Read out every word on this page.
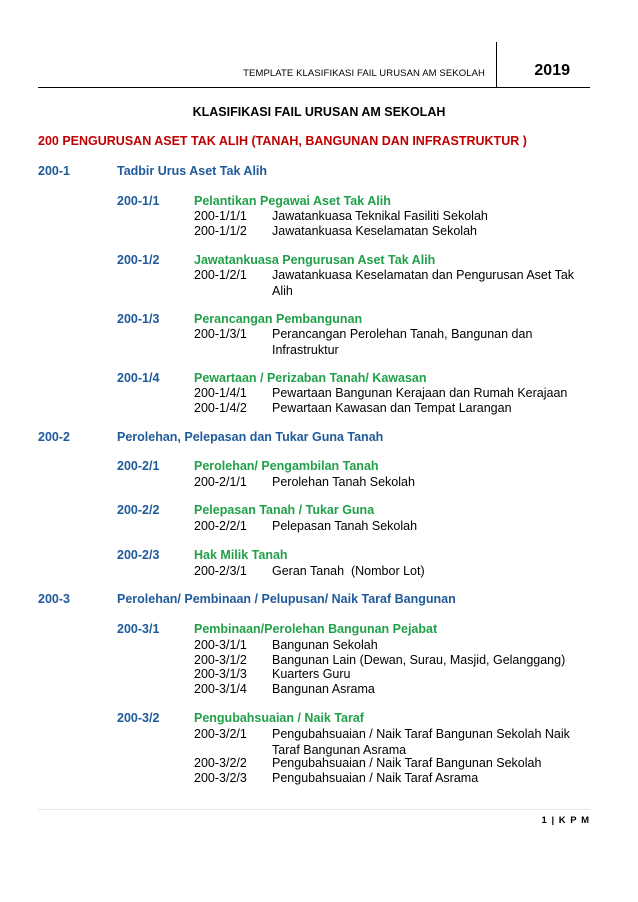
TEMPLATE KLASIFIKASI FAIL URUSAN AM SEKOLAH	2019
KLASIFIKASI FAIL URUSAN AM SEKOLAH
200 PENGURUSAN ASET TAK ALIH (TANAH, BANGUNAN DAN INFRASTRUKTUR )
200-1	Tadbir Urus Aset Tak Alih
200-1/1	Pelantikan Pegawai Aset Tak Alih
200-1/1/1 Jawatankuasa Teknikal Fasiliti Sekolah
200-1/1/2 Jawatankuasa Keselamatan Sekolah
200-1/2	Jawatankuasa Pengurusan Aset Tak Alih
200-1/2/1 Jawatankuasa Keselamatan dan Pengurusan Aset Tak Alih
200-1/3	Perancangan Pembangunan
200-1/3/1 Perancangan Perolehan Tanah, Bangunan dan Infrastruktur
200-1/4	Pewartaan / Perizaban Tanah/ Kawasan
200-1/4/1 Pewartaan Bangunan Kerajaan dan Rumah Kerajaan
200-1/4/2 Pewartaan Kawasan dan Tempat Larangan
200-2	Perolehan, Pelepasan dan Tukar Guna Tanah
200-2/1	Perolehan/ Pengambilan Tanah
200-2/1/1 Perolehan Tanah Sekolah
200-2/2	Pelepasan Tanah / Tukar Guna
200-2/2/1 Pelepasan Tanah Sekolah
200-2/3	Hak Milik Tanah
200-2/3/1 Geran Tanah  (Nombor Lot)
200-3	Perolehan/ Pembinaan / Pelupusan/ Naik Taraf Bangunan
200-3/1	Pembinaan/Perolehan Bangunan Pejabat
200-3/1/1 Bangunan Sekolah
200-3/1/2 Bangunan Lain (Dewan, Surau, Masjid, Gelanggang)
200-3/1/3 Kuarters Guru
200-3/1/4 Bangunan Asrama
200-3/2	Pengubahsuaian / Naik Taraf
200-3/2/1 Pengubahsuaian / Naik Taraf Bangunan Sekolah Naik Taraf Bangunan Asrama
200-3/2/2 Pengubahsuaian / Naik Taraf Bangunan Sekolah
200-3/2/3 Pengubahsuaian / Naik Taraf Asrama
1 | K P M
